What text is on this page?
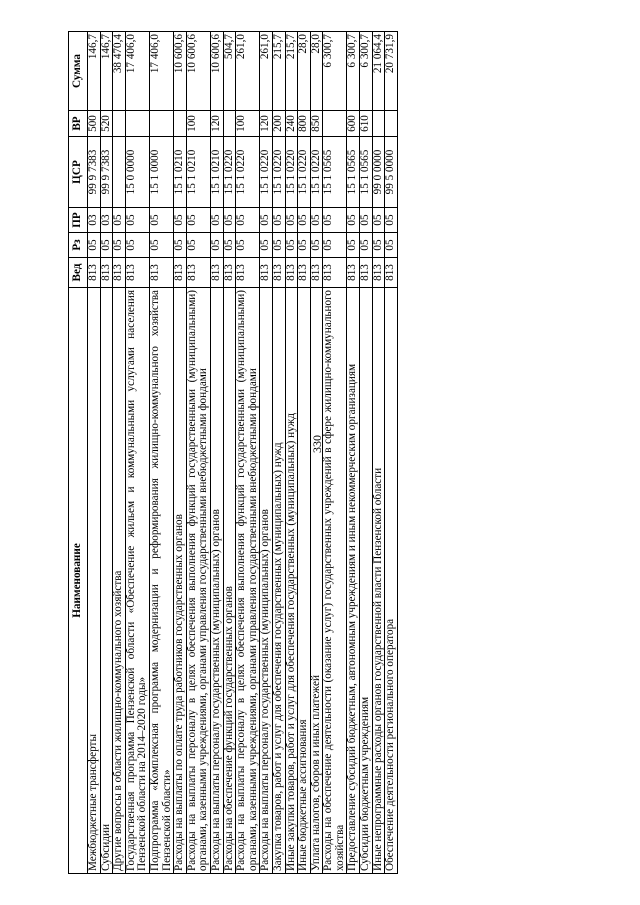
330
Наименование	Вед	Рз	ПР	ЦСР	ВР	Сумма
Межбюджетные трансферты	813	05	03	99 9 7383	500	146,7
Субсидии	813	05	03	99 9 7383	520	146,7
Другие вопросы в области жилищно-коммунального хозяйства	813	05	05			38 470,4
Государственная программа Пензенской области «Обеспечение жильем и коммунальными услугами населения Пензенской области на 2014–2020 годы»	813	05	05	15 0 0000		17 406,0
Подпрограмма «Комплексная программа модернизации и реформирования жилищно-коммунального хозяйства Пензенской области»	813	05	05	15 1 0000		17 406,0
Расходы на выплаты по оплате труда работников государственных органов	813	05	05	15 1 0210		10 600,6
Расходы на выплаты персоналу в целях обеспечения выполнения функций государственными (муниципальными) органами, казенными учреждениями, органами управления государственными внебюджетными фондами	813	05	05	15 1 0210	100	10 600,6
Расходы на выплаты персоналу государственных (муниципальных) органов	813	05	05	15 1 0210	120	10 600,6
Расходы на обеспечение функций государственных органов	813	05	05	15 1 0220		504,7
Расходы на выплаты персоналу в целях обеспечения выполнения функций государственными (муниципальными) органами, казенными учреждениями, органами управления государственными внебюджетными фондами	813	05	05	15 1 0220	100	261,0
Расходы на выплаты персоналу государственных (муниципальных) органов	813	05	05	15 1 0220	120	261,0
Закупка товаров, работ и услуг для обеспечения государственных (муниципальных) нужд	813	05	05	15 1 0220	200	215,7
Иные закупки товаров, работ и услуг для обеспечения государственных (муниципальных) нужд	813	05	05	15 1 0220	240	215,7
Иные бюджетные ассигнования	813	05	05	15 1 0220	800	28,0
Уплата налогов, сборов и иных платежей	813	05	05	15 1 0220	850	28,0
Расходы на обеспечение деятельности (оказание услуг) государственных учреждений в сфере жилищно-коммунального хозяйства	813	05	05	15 1 0565		6 300,7
Предоставление субсидий бюджетным, автономным учреждениям и иным некоммерческим организациям	813	05	05	15 1 0565	600	6 300,7
Субсидии бюджетным учреждениям	813	05	05	15 1 0565	610	6 300,7
Иные непрограммные расходы органов государственной власти Пензенской области	813	05	05	99 0 0000		21 064,4
Обеспечение деятельности регионального оператора	813	05	05	99 5 0000		20 731,9
